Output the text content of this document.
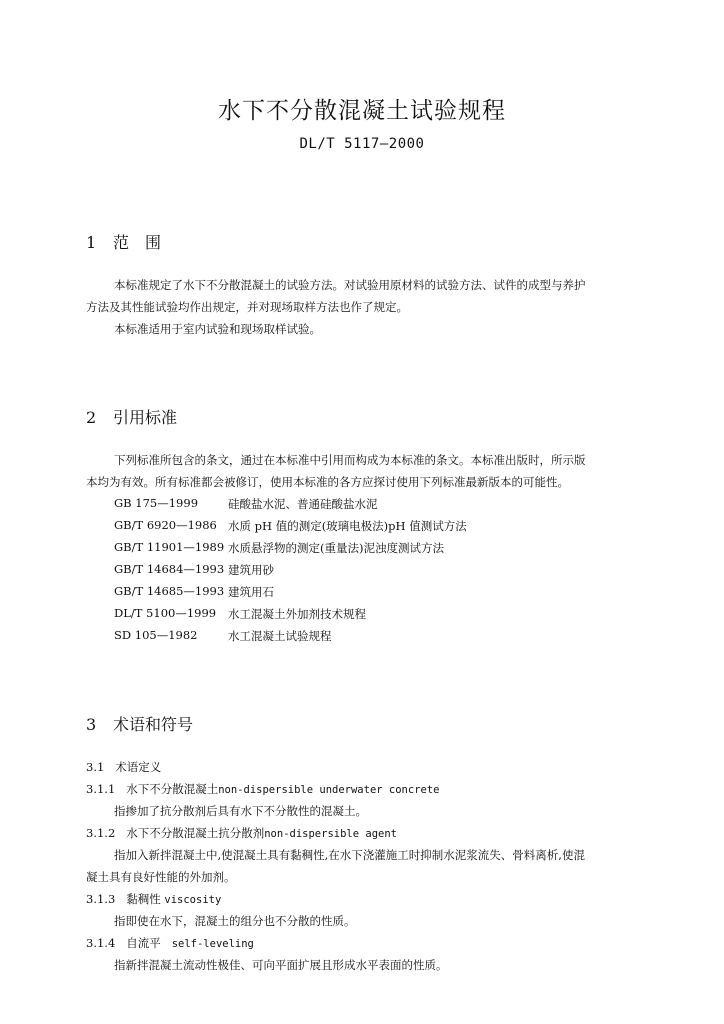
水下不分散混凝土试验规程
DL/T 5117—2000
1 范　围
本标准规定了水下不分散混凝土的试验方法。对试验用原材料的试验方法、试件的成型与养护
方法及其性能试验均作出规定，并对现场取样方法也作了规定。
本标准适用于室内试验和现场取样试验。
2 引用标准
下列标准所包含的条文，通过在本标准中引用而构成为本标准的条文。本标准出版时，所示版
本均为有效。所有标准都会被修订，使用本标准的各方应探讨使用下列标准最新版本的可能性。
GB 175—1999	硅酸盐水泥、普通硅酸盐水泥
GB/T 6920—1986 水质 pH 值的测定(玻璃电极法)pH 值测试方法
GB/T 11901—1989 水质悬浮物的测定(重量法)泥浊度测试方法
GB/T 14684—1993 建筑用砂
GB/T 14685—1993 建筑用石
DL/T 5100—1999 水工混凝土外加剂技术规程
SD 105—1982	水工混凝土试验规程
3 术语和符号
3.1 术语定义
3.1.1 水下不分散混凝土non-dispersible underwater concrete
指掺加了抗分散剂后具有水下不分散性的混凝土。
3.1.2 水下不分散混凝土抗分散剂non-dispersible agent
指加入新拌混凝土中,使混凝土具有黏稠性,在水下浇灌施工时抑制水泥浆流失、骨料离析,使混
凝土具有良好性能的外加剂。
3.1.3 黏稠性 viscosity
指即使在水下，混凝土的组分也不分散的性质。
3.1.4 自流平 self-leveling
指新拌混凝土流动性极佳、可向平面扩展且形成水平表面的性质。
